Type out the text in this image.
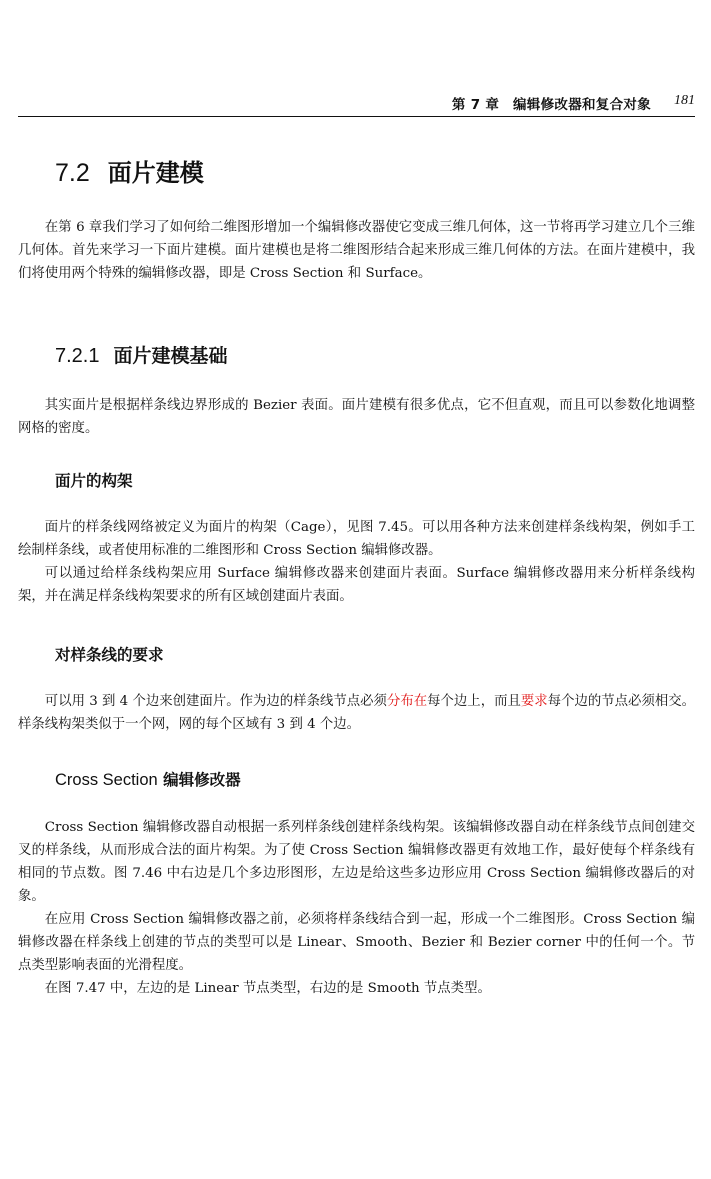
第 7 章　编辑修改器和复合对象 181
7.2 面片建模
在第 6 章我们学习了如何给二维图形增加一个编辑修改器使它变成三维几何体，这一节将再学习建立几个三维几何体。首先来学习一下面片建模。面片建模也是将二维图形结合起来形成三维几何体的方法。在面片建模中，我们将使用两个特殊的编辑修改器，即是 Cross Section 和 Surface。
7.2.1 面片建模基础
其实面片是根据样条线边界形成的 Bezier 表面。面片建模有很多优点，它不但直观，而且可以参数化地调整网格的密度。
面片的构架
面片的样条线网络被定义为面片的构架（Cage），见图 7.45。可以用各种方法来创建样条线构架，例如手工绘制样条线，或者使用标准的二维图形和 Cross Section 编辑修改器。
可以通过给样条线构架应用 Surface 编辑修改器来创建面片表面。Surface 编辑修改器用来分析样条线构架，并在满足样条线构架要求的所有区域创建面片表面。
对样条线的要求
可以用 3 到 4 个边来创建面片。作为边的样条线节点必须分布在每个边上，而且要求每个边的节点必须相交。样条线构架类似于一个网，网的每个区域有 3 到 4 个边。
Cross Section 编辑修改器
Cross Section 编辑修改器自动根据一系列样条线创建样条线构架。该编辑修改器自动在样条线节点间创建交叉的样条线，从而形成合法的面片构架。为了使 Cross Section 编辑修改器更有效地工作，最好使每个样条线有相同的节点数。图 7.46 中右边是几个多边形图形，左边是给这些多边形应用 Cross Section 编辑修改器后的对象。
在应用 Cross Section 编辑修改器之前，必须将样条线结合到一起，形成一个二维图形。Cross Section 编辑修改器在样条线上创建的节点的类型可以是 Linear、Smooth、Bezier 和 Bezier corner 中的任何一个。节点类型影响表面的光滑程度。
在图 7.47 中，左边的是 Linear 节点类型，右边的是 Smooth 节点类型。
